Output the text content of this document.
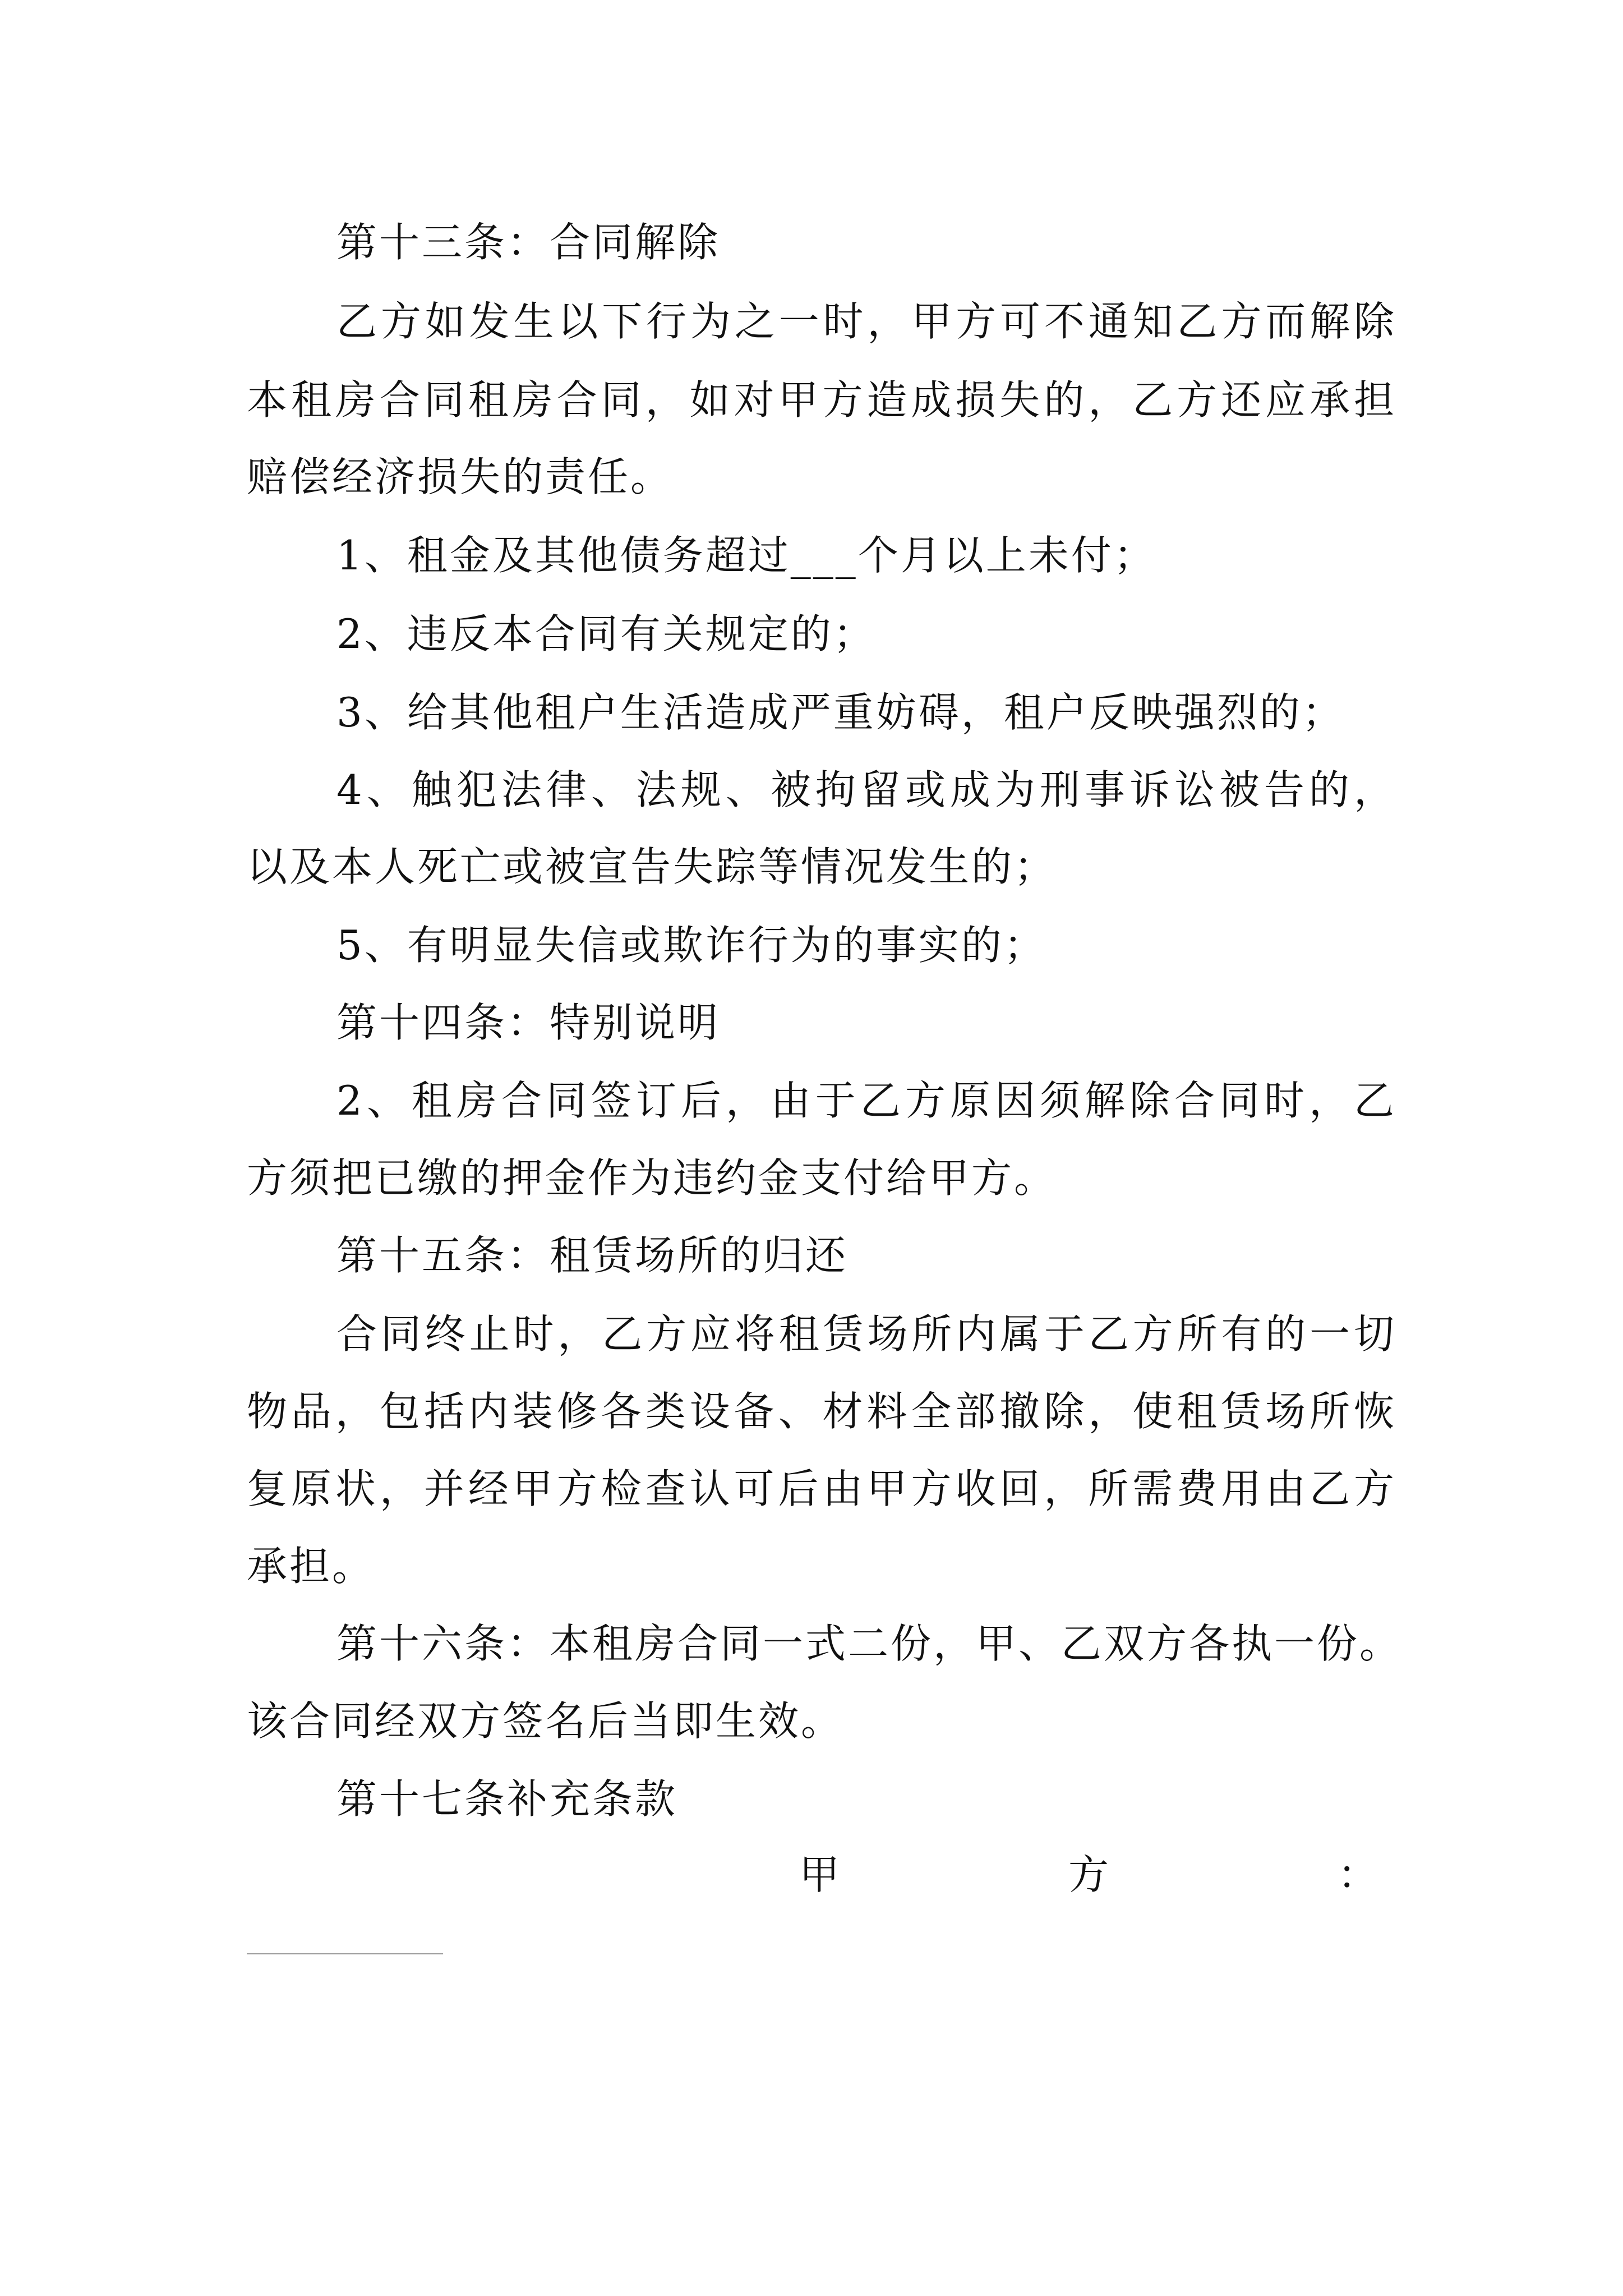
第十三条：合同解除
乙方如发生以下行为之一时，甲方可不通知乙方而解除
本租房合同租房合同，如对甲方造成损失的，乙方还应承担
赔偿经济损失的责任。
1、租金及其他债务超过___个月以上未付；
2、违反本合同有关规定的；
3、给其他租户生活造成严重妨碍，租户反映强烈的；
4、触犯法律、法规、被拘留或成为刑事诉讼被告的，
以及本人死亡或被宣告失踪等情况发生的；
5、有明显失信或欺诈行为的事实的；
第十四条：特别说明
2、租房合同签订后，由于乙方原因须解除合同时，乙
方须把已缴的押金作为违约金支付给甲方。
第十五条：租赁场所的归还
合同终止时，乙方应将租赁场所内属于乙方所有的一切
物品，包括内装修各类设备、材料全部撤除，使租赁场所恢
复原状，并经甲方检查认可后由甲方收回，所需费用由乙方
承担。
第十六条：本租房合同一式二份，甲、乙双方各执一份。
该合同经双方签名后当即生效。
第十七条补充条款
甲	方	：
